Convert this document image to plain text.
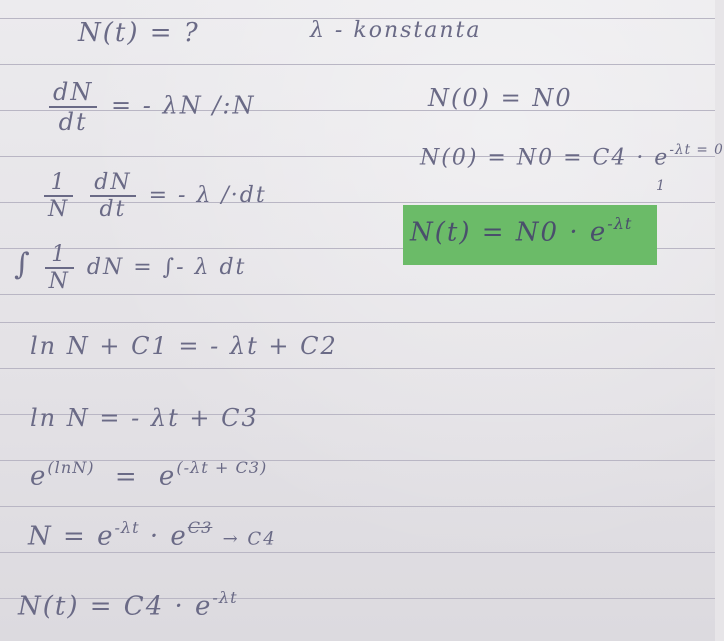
N(t) = ?	λ - konstanta
$\frac{dN}{dt}$ = - λN /:N
$\frac{1}{N}$
$\frac{dN}{dt}$ = - λ /·dt
∫ $\frac{1}{N}$ dN = ∫- λ dt
ln N + C1 = - λt + C2
ln N = - λt + C3
$e^{(lnN)} = e^{(-\lambda t + C3)}$
$N = e^{-\lambda t} \cdot e^{C3} \to C4$
$N(t) = C4 \cdot e^{-\lambda t}$
N(0) = N0
$N(0) = N0 = C4 \cdot e^{-\lambda t = 0}$
1
$N(t) = N0 \cdot e^{-\lambda t}$
